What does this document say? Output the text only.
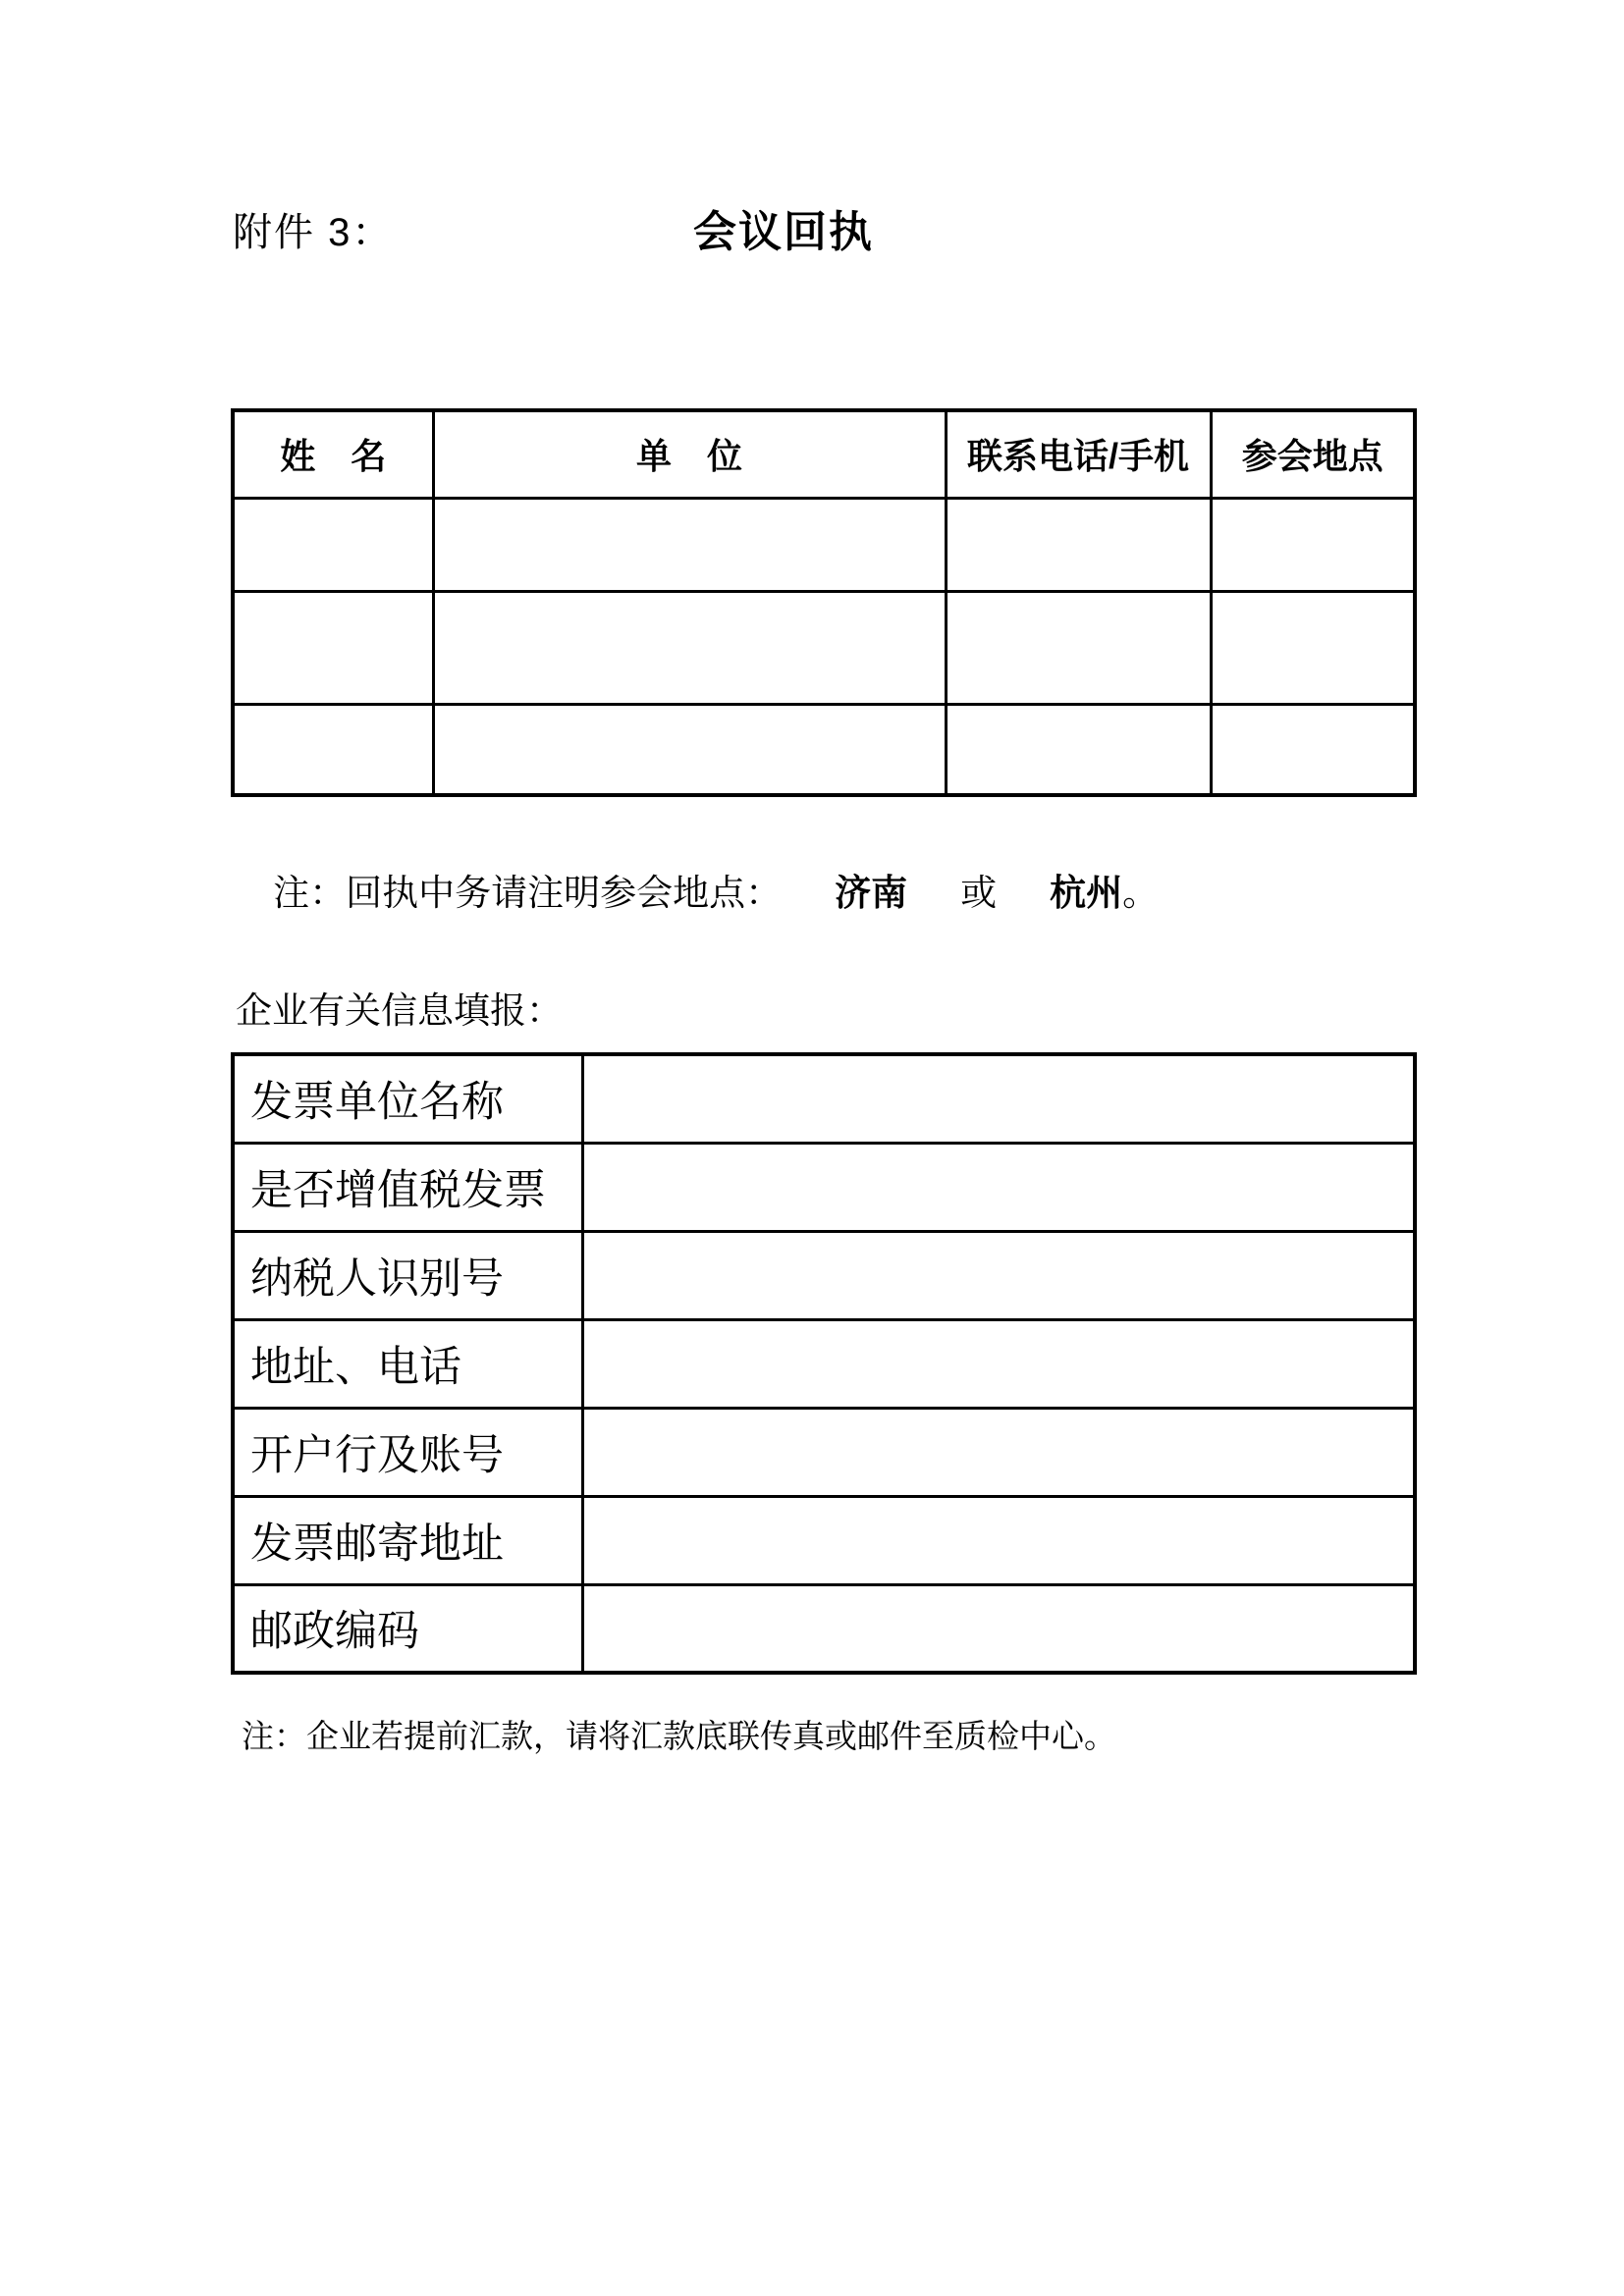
附件 3：	会议回执
姓　名	单　位	联系电话/手机	参会地点

注：回执中务请注明参会地点： 济南 或 杭州。

企业有关信息填报：
发票单位名称	
是否增值税发票	
纳税人识别号	
地址、电话	
开户行及账号	
发票邮寄地址	
邮政编码	
注：企业若提前汇款，请将汇款底联传真或邮件至质检中心。
